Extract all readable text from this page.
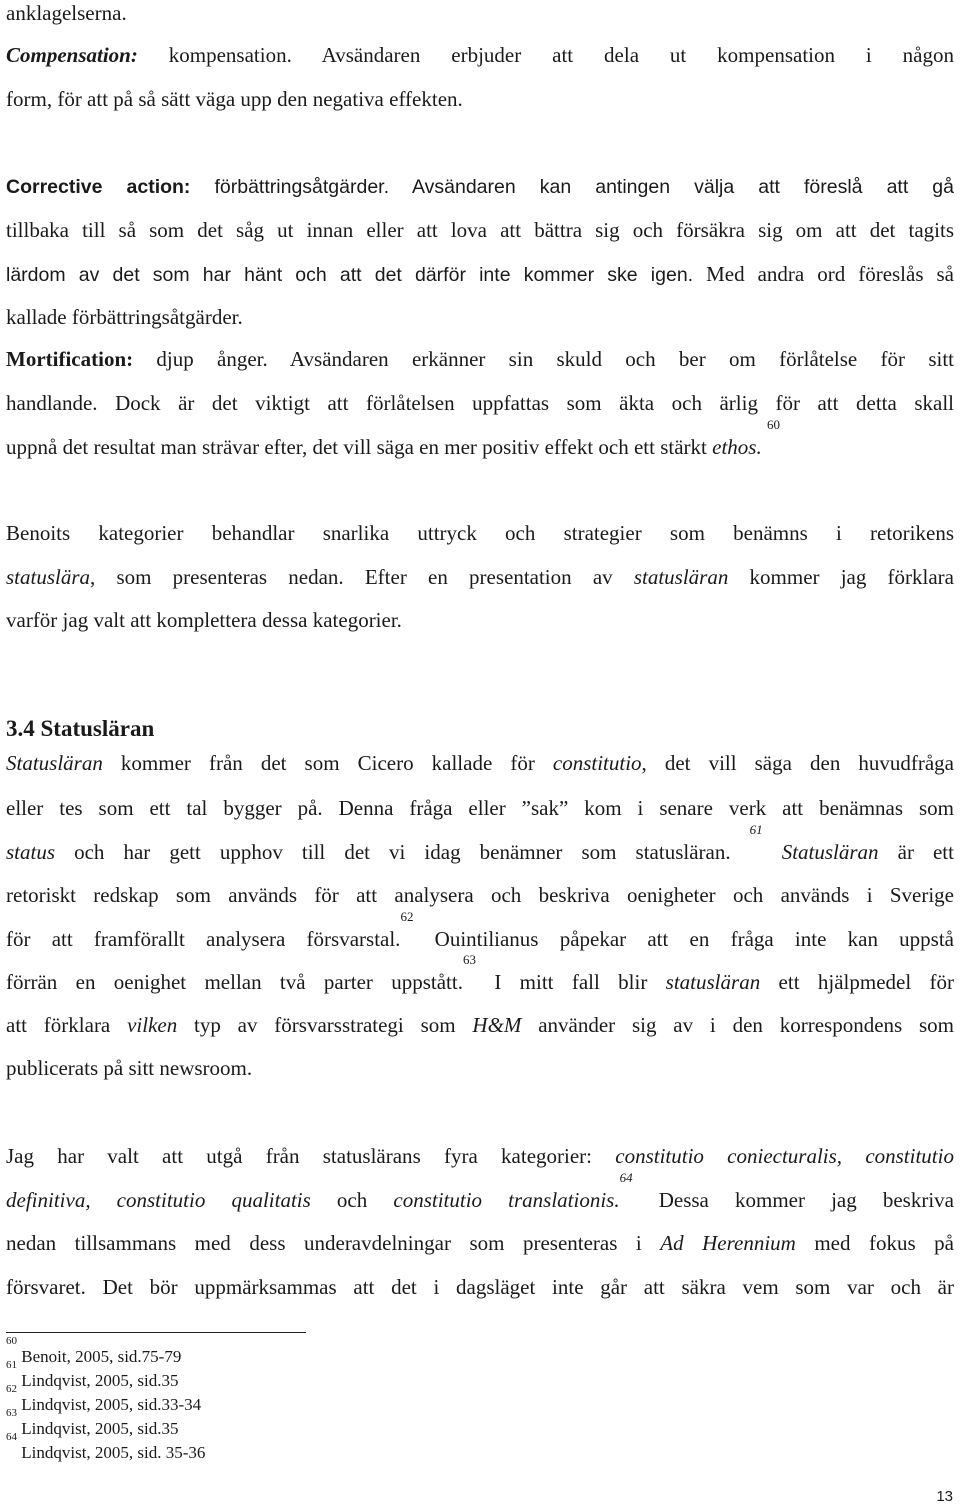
anklagelserna.
Compensation: kompensation. Avsändaren erbjuder att dela ut kompensation i någon
form, för att på så sätt väga upp den negativa effekten.
Corrective action: förbättringsåtgärder. Avsändaren kan antingen välja att föreslå att gå
tillbaka till så som det såg ut innan eller att lova att bättra sig och försäkra sig om att det tagits
lärdom av det som har hänt och att det därför inte kommer ske igen. Med andra ord föreslås så
kallade förbättringsåtgärder.
Mortification: djup ånger. Avsändaren erkänner sin skuld och ber om förlåtelse för sitt
handlande. Dock är det viktigt att förlåtelsen uppfattas som äkta och ärlig för att detta skall
uppnå det resultat man strävar efter, det vill säga en mer positiv effekt och ett stärkt ethos. $^{60}$
Benoits kategorier behandlar snarlika uttryck och strategier som benämns i retorikens
statuslära, som presenteras nedan. Efter en presentation av statusläran kommer jag förklara
varför jag valt att komplettera dessa kategorier.
3.4 Statusläran
Statusläran kommer från det som Cicero kallade för constitutio, det vill säga den huvudfråga
eller tes som ett tal bygger på. Denna fråga eller ”sak” kom i senare verk att benämnas som
status och har gett upphov till det vi idag benämner som statusläran. $^{61}$ Statusläran är ett
retoriskt redskap som används för att analysera och beskriva oenigheter och används i Sverige
för att framförallt analysera försvarstal.$^{62}$ Ouintilianus påpekar att en fråga inte kan uppstå
förrän en oenighet mellan två parter uppstått.$^{63}$ I mitt fall blir statusläran ett hjälpmedel för
att förklara vilken typ av försvarsstrategi som H&M använder sig av i den korrespondens som
publicerats på sitt newsroom.
Jag har valt att utgå från statuslärans fyra kategorier: constitutio coniecturalis, constitutio
definitiva, constitutio qualitatis och constitutio translationis.$^{64}$ Dessa kommer jag beskriva
nedan tillsammans med dess underavdelningar som presenteras i Ad Herennium med fokus på
försvaret. Det bör uppmärksammas att det i dagsläget inte går att säkra vem som var och är
$^{60}$ Benoit, 2005, sid.75-79
$^{61}$ Lindqvist, 2005, sid.35
$^{62}$ Lindqvist, 2005, sid.33-34
$^{63}$ Lindqvist, 2005, sid.35
$^{64}$ Lindqvist, 2005, sid. 35-36
13
